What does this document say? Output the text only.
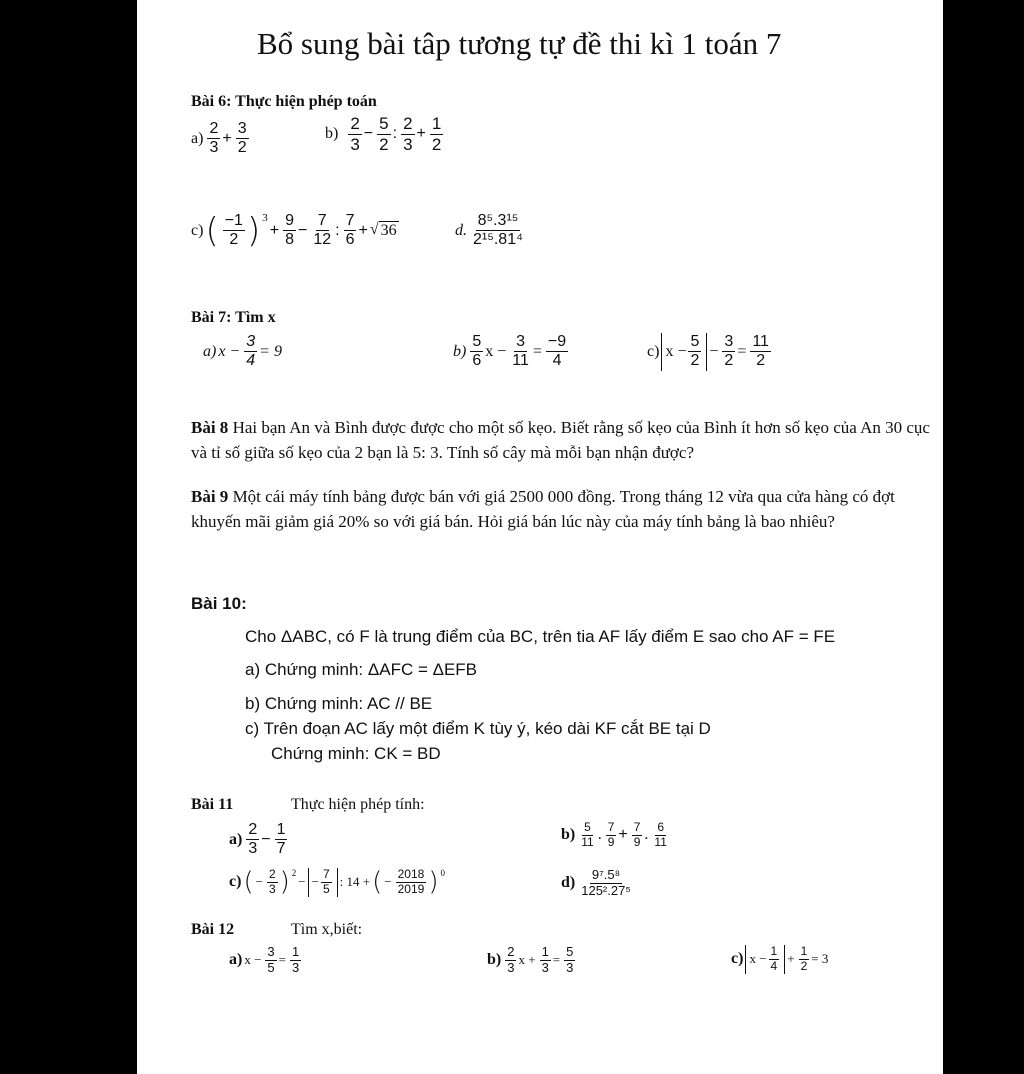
Bổ sung bài tâp tương tự đề thi kì 1 toán 7
Bài 6: Thực hiện phép toán
$a) \frac{2}{3} + \frac{3}{2}$	$b) \frac{2}{3} - \frac{5}{2}$ : $\frac{2}{3} + \frac{1}{2}$
c) ( $\frac{-1}{2} )^3$
+ $\frac{9}{8} - \frac{7}{12}$ : $\frac{7}{6}$ + √ 36	d. $\frac{\text{8⁵.3¹⁵}}{\text{2¹⁵.81⁴}}$
Bài 7: Tìm x
a) $x - \frac{3}{4} = 9$	$b) \frac{5}{6}$ $x - \frac{3}{11} = \frac{-9}{4}$	c) $x - \frac{5}{2} - \frac{3}{2} = \frac{11}{2}$
Bài 8 Hai bạn An và Bình được được cho một số kẹo. Biết rằng số kẹo của Bình ít hơn số kẹo của An 30 cục và tỉ số giữa số kẹo của 2 bạn là 5: 3. Tính số cây mà mỗi bạn nhận được?
Bài 9 Một cái máy tính bảng được bán với giá 2500 000 đồng. Trong tháng 12 vừa qua cửa hàng có đợt khuyến mãi giảm giá 20% so với giá bán. Hỏi giá bán lúc này của máy tính bảng là bao nhiêu?
Bài 10:
Cho ΔABC, có F là trung điểm của BC, trên tia AF lấy điểm E sao cho AF = FE
a) Chứng minh: ΔAFC = ΔEFB
b) Chứng minh: AC // BE
c) Trên đoạn AC lấy một điểm K tùy ý, kéo dài KF cắt BE tại D
Chứng minh: CK = BD
Bài 11	Thực hiện phép tính:
$a) \frac{2}{3} - \frac{1}{7}$	$b) \frac{5}{11}$ . $\frac{7}{9} + \frac{7}{9}$ . $\frac{6}{11}$
c) ( − $\frac{2}{3} )^2$
− − $\frac{7}{5}$ : 14 + ( − $\frac{2018}{2019} )^0$
$d) \frac{\text{9⁷.5⁸}}{\text{125².27⁵}}$
Bài 12	Tìm x,biết:
a) $x - \frac{3}{5} = \frac{1}{3}$	$b) \frac{2}{3}$ $x + \frac{1}{3} = \frac{5}{3}$	c) $x - \frac{1}{4} + \frac{1}{2} = 3$
